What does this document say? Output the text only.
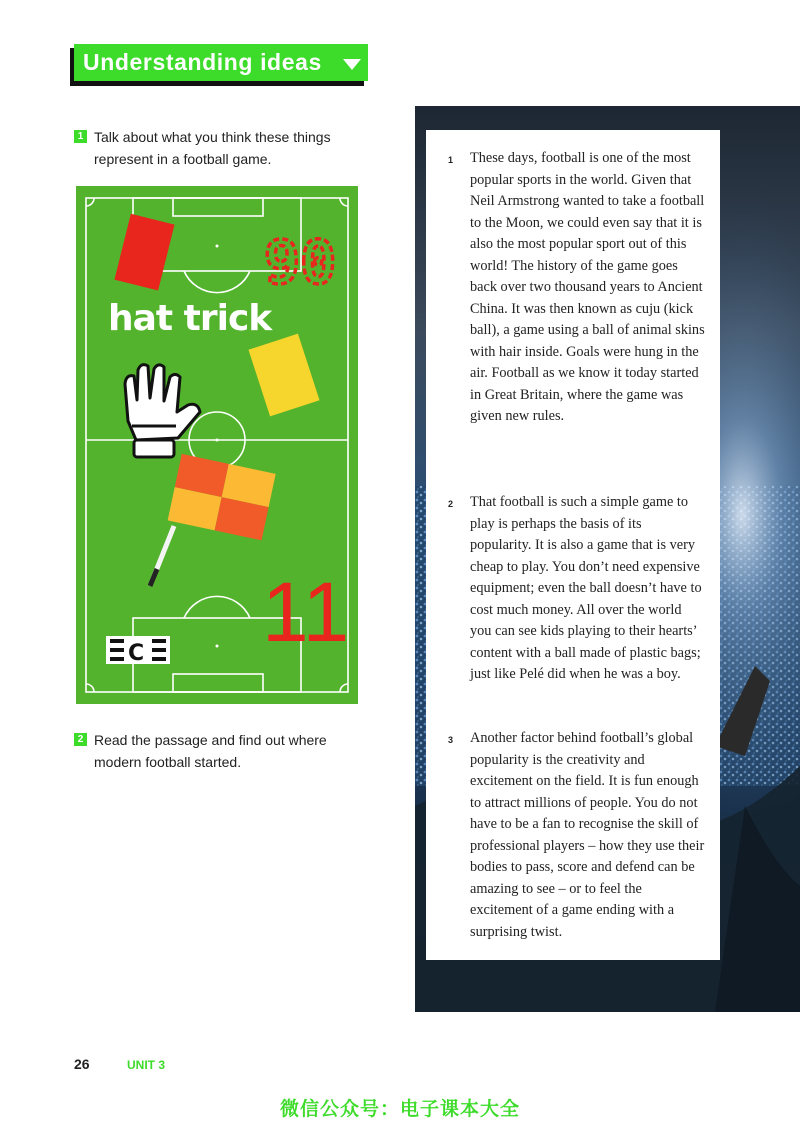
Understanding ideas
1 Talk about what you think these things represent in a football game.
90
11
C
hat trick
2 Read the passage and find out where modern football started.
1	These days, football is one of the most popular sports in the world. Given that Neil Armstrong wanted to take a football to the Moon, we could even say that it is also the most popular sport out of this world! The history of the game goes back over two thousand years to Ancient China. It was then known as cuju (kick ball), a game using a ball of animal skins with hair inside. Goals were hung in the air. Football as we know it today started in Great Britain, where the game was given new rules.
2	That football is such a simple game to play is perhaps the basis of its popularity. It is also a game that is very cheap to play. You don’t need expensive equipment; even the ball doesn’t have to cost much money. All over the world you can see kids playing to their hearts’ content with a ball made of plastic bags; just like Pelé did when he was a boy.
3	Another factor behind football’s global popularity is the creativity and excitement on the field. It is fun enough to attract millions of people. You do not have to be a fan to recognise the skill of professional players – how they use their bodies to pass, score and defend can be amazing to see – or to feel the excitement of a game ending with a surprising twist.
26	UNIT 3
微信公众号：电子课本大全
